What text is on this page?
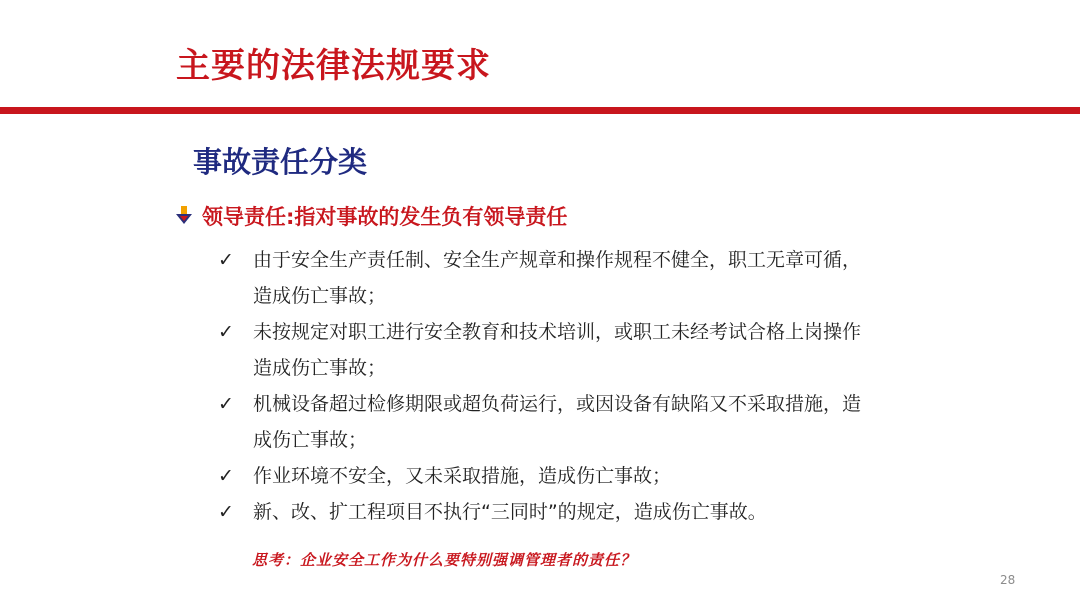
主要的法律法规要求
事故责任分类
领导责任:指对事故的发生负有领导责任
✓	由于安全生产责任制、安全生产规章和操作规程不健全，职工无章可循，造成伤亡事故；
✓	未按规定对职工进行安全教育和技术培训，或职工未经考试合格上岗操作造成伤亡事故；
✓	机械设备超过检修期限或超负荷运行，或因设备有缺陷又不采取措施，造成伤亡事故；
✓	作业环境不安全，又未采取措施，造成伤亡事故；
✓	新、改、扩工程项目不执行“三同时”的规定，造成伤亡事故。
思考：企业安全工作为什么要特别强调管理者的责任？
28
